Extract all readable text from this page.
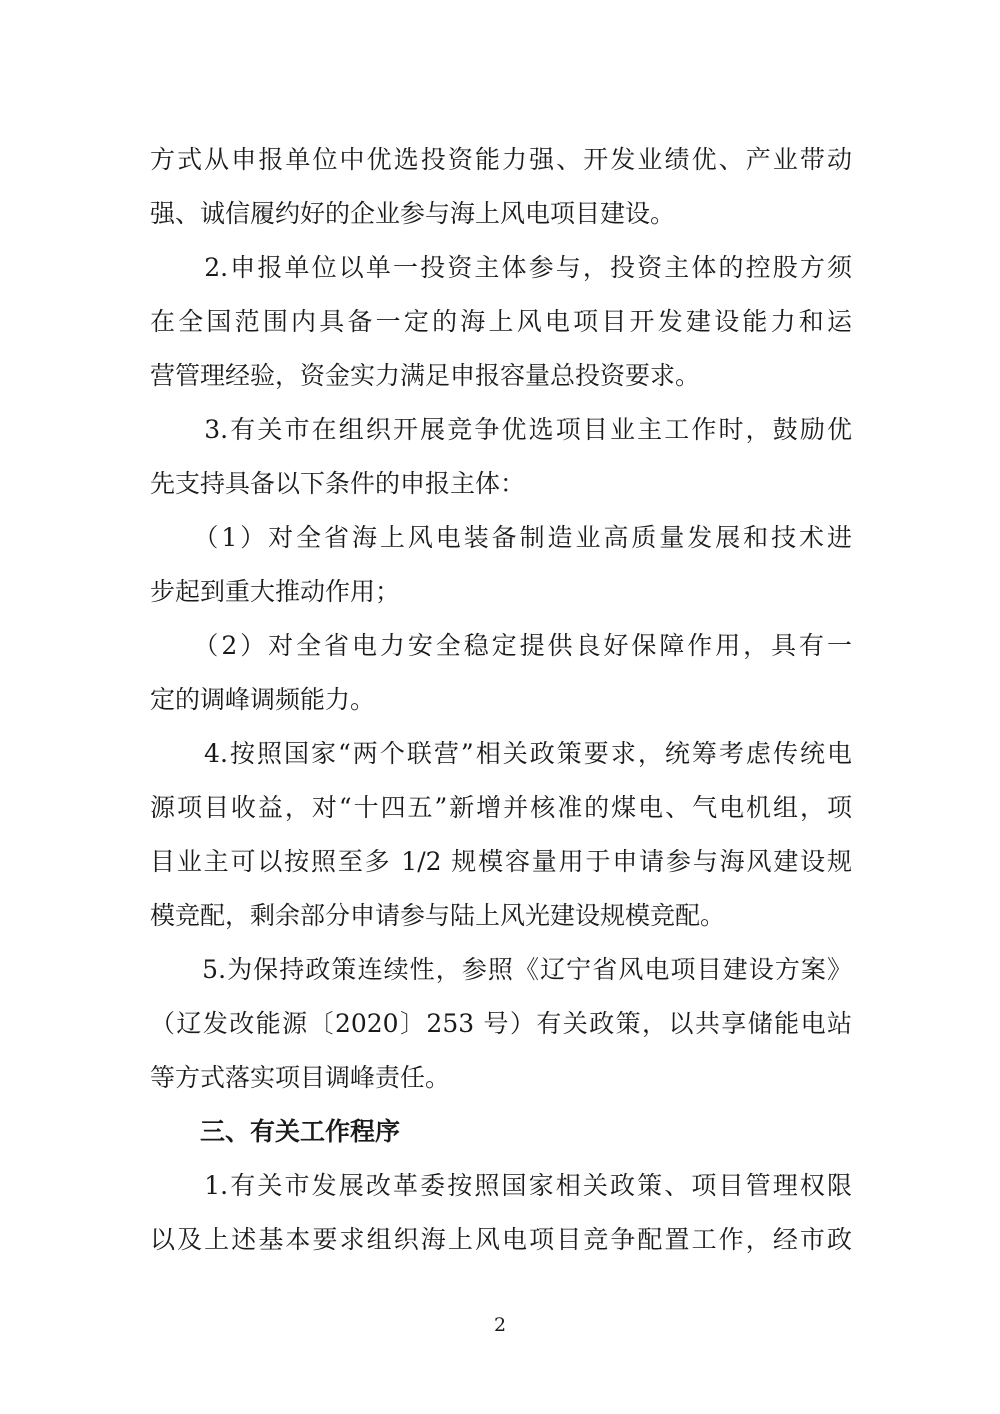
方式从申报单位中优选投资能力强、开发业绩优、产业带动
强、诚信履约好的企业参与海上风电项目建设。
　　2.申报单位以单一投资主体参与，投资主体的控股方须
在全国范围内具备一定的海上风电项目开发建设能力和运
营管理经验，资金实力满足申报容量总投资要求。
　　3.有关市在组织开展竞争优选项目业主工作时，鼓励优
先支持具备以下条件的申报主体：
　　（1）对全省海上风电装备制造业高质量发展和技术进
步起到重大推动作用；
　　（2）对全省电力安全稳定提供良好保障作用，具有一
定的调峰调频能力。
　　4.按照国家“两个联营”相关政策要求，统筹考虑传统电
源项目收益，对“十四五”新增并核准的煤电、气电机组，项
目业主可以按照至多 1/2 规模容量用于申请参与海风建设规
模竞配，剩余部分申请参与陆上风光建设规模竞配。
　　5.为保持政策连续性，参照《辽宁省风电项目建设方案》
（辽发改能源〔2020〕253 号）有关政策，以共享储能电站
等方式落实项目调峰责任。
　　三、有关工作程序
　　1.有关市发展改革委按照国家相关政策、项目管理权限
以及上述基本要求组织海上风电项目竞争配置工作，经市政
2
